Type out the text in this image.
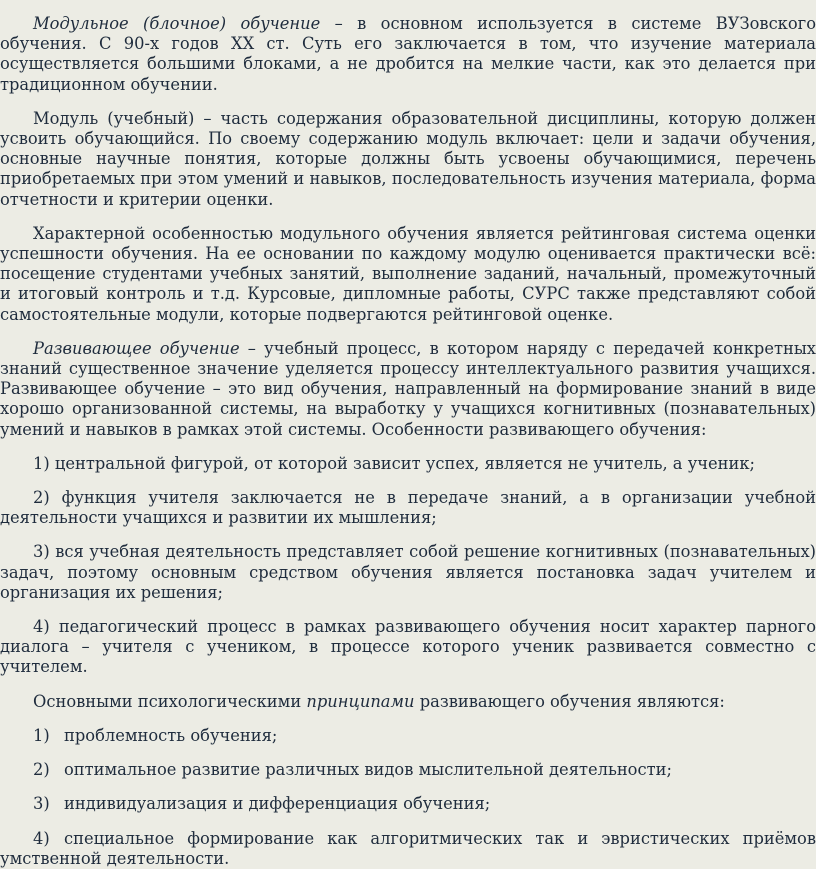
Модульное (блочное) обучение – в основном используется в системе ВУЗовского обучения. С 90-х годов XX ст. Суть его заключается в том, что изучение материала осуществляется большими блоками, а не дробится на мелкие части, как это делается при традиционном обучении.

Модуль (учебный) – часть содержания образовательной дисциплины, которую должен усвоить обучающийся. По своему содержанию модуль включает: цели и задачи обучения, основные научные понятия, которые должны быть усвоены обучающимися, перечень приобретаемых при этом умений и навыков, последовательность изучения материала, форма отчетности и критерии оценки.

Характерной особенностью модульного обучения является рейтинговая система оценки успешности обучения. На ее основании по каждому модулю оценивается практически всё: посещение студентами учебных занятий, выполнение заданий, начальный, промежуточный и итоговый контроль и т.д. Курсовые, дипломные работы, СУРС также представляют собой самостоятельные модули, которые подвергаются рейтинговой оценке.

Развивающее обучение – учебный процесс, в котором наряду с передачей конкретных знаний существенное значение уделяется процессу интеллектуального развития учащихся. Развивающее обучение – это вид обучения, направленный на формирование знаний в виде хорошо организованной системы, на выработку у учащихся когнитивных (познавательных) умений и навыков в рамках этой системы. Особенности развивающего обучения:

1) центральной фигурой, от которой зависит успех, является не учитель, а ученик;

2) функция учителя заключается не в передаче знаний, а в организации учебной деятельности учащихся и развитии их мышления;

3) вся учебная деятельность представляет собой решение когнитивных (познавательных) задач, поэтому основным средством обучения является постановка задач учителем и организация их решения;

4) педагогический процесс в рамках развивающего обучения носит характер парного диалога – учителя с учеником, в процессе которого ученик развивается совместно с учителем.

Основными психологическими принципами развивающего обучения являются:

1) проблемность обучения;

2) оптимальное развитие различных видов мыслительной деятельности;

3) индивидуализация и дифференциация обучения;

4) специальное формирование как алгоритмических так и эвристических приёмов умственной деятельности.
